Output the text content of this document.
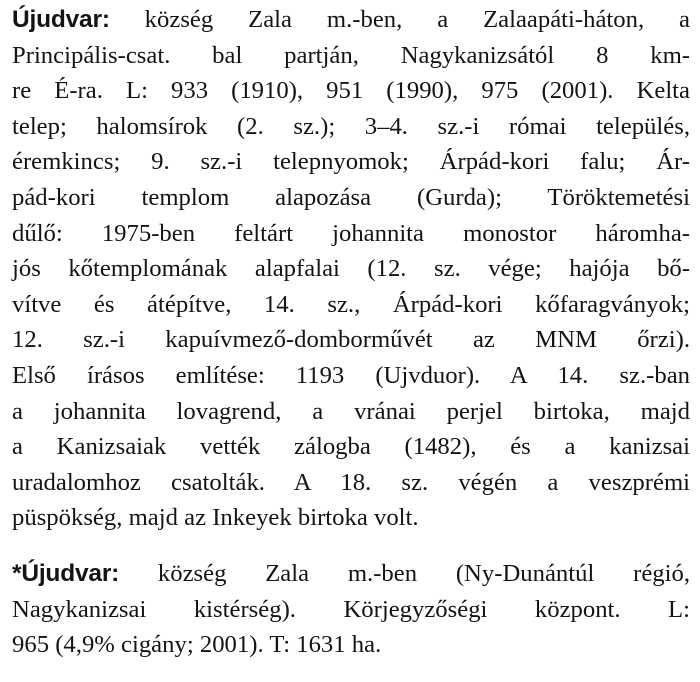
Újudvar: község Zala m.-ben, a Zalaapáti-háton, a
Principális-csat. bal partján, Nagykanizsától 8 km-
re É-ra. L: 933 (1910), 951 (1990), 975 (2001). Kelta
telep; halomsírok (2. sz.); 3–4. sz.-i római település,
éremkincs; 9. sz.-i telepnyomok; Árpád-kori falu; Ár-
pád-kori templom alapozása (Gurda); Töröktemetési
dűlő: 1975-ben feltárt johannita monostor háromha-
jós kőtemplomának alapfalai (12. sz. vége; hajója bő-
vítve és átépítve, 14. sz., Árpád-kori kőfaragványok;
12. sz.-i kapuívmező-domborművét az MNM őrzi).
Első írásos említése: 1193 (Ujvduor). A 14. sz.-ban
a johannita lovagrend, a vránai perjel birtoka, majd
a Kanizsaiak vették zálogba (1482), és a kanizsai
uradalomhoz csatolták. A 18. sz. végén a veszprémi
püspökség, majd az Inkeyek birtoka volt.

*Újudvar: község Zala m.-ben (Ny-Dunántúl régió,
Nagykanizsai kistérség). Körjegyzőségi központ. L:
965 (4,9% cigány; 2001). T: 1631 ha.
